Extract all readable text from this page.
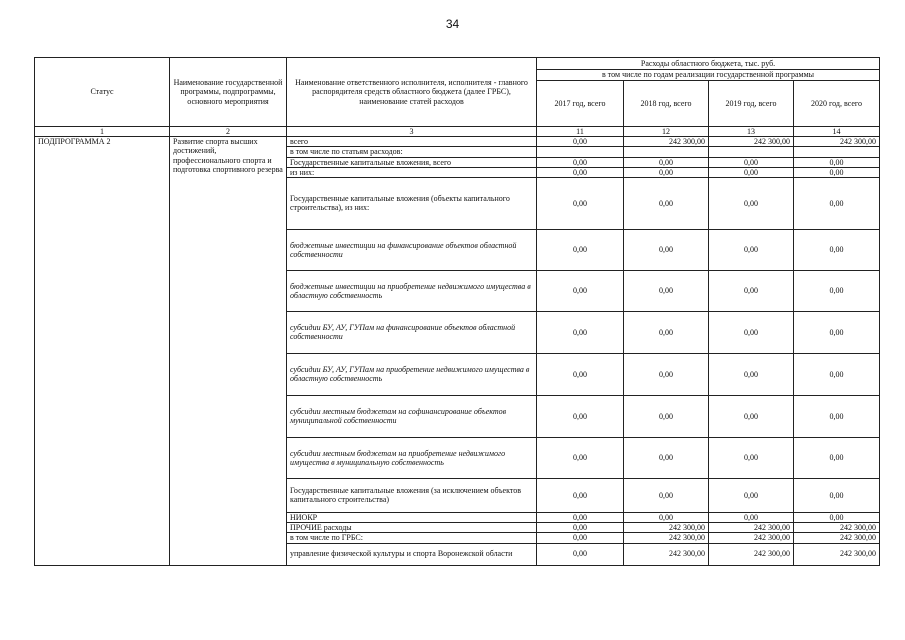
34
Статус	Наименование государственной программы, подпрограммы, основного мероприятия	Наименование ответственного исполнителя, исполнителя - главного распорядителя средств областного бюджета (далее ГРБС), наименование статей расходов	Расходы областного бюджета, тыс. руб.			
			в том числе по годам реализации государственной программы			
			2017 год, всего	2018 год, всего	2019 год, всего	2020 год, всего
1	2	3	11	12	13	14
ПОДПРОГРАММА 2	Развитие спорта высших достижений, профессионального спорта и подготовка спортивного резерва	всего	0,00	242 300,00	242 300,00	242 300,00
		в том числе по статьям расходов:				
		Государственные капитальные вложения, всего	0,00	0,00	0,00	0,00
		из них:	0,00	0,00	0,00	0,00
		Государственные капитальные вложения (объекты капитального строительства), из них:	0,00	0,00	0,00	0,00
		бюджетные инвестиции на финансирование объектов областной собственности	0,00	0,00	0,00	0,00
		бюджетные инвестиции на приобретение недвижимого имущества в областную собственность	0,00	0,00	0,00	0,00
		субсидии БУ, АУ, ГУПам на финансирование объектов областной собственности	0,00	0,00	0,00	0,00
		субсидии БУ, АУ, ГУПам на приобретение недвижимого имущества в областную собственность	0,00	0,00	0,00	0,00
		субсидии местным бюджетам на софинансирование объектов муниципальной собственности	0,00	0,00	0,00	0,00
		субсидии местным бюджетам на приобретение недвижимого имущества в муниципальную собственность	0,00	0,00	0,00	0,00
		Государственные капитальные вложения (за исключением объектов капитального строительства)	0,00	0,00	0,00	0,00
		НИОКР	0,00	0,00	0,00	0,00
		ПРОЧИЕ расходы	0,00	242 300,00	242 300,00	242 300,00
		в том числе по ГРБС:	0,00	242 300,00	242 300,00	242 300,00
		управление физической культуры и спорта Воронежской области	0,00	242 300,00	242 300,00	242 300,00
